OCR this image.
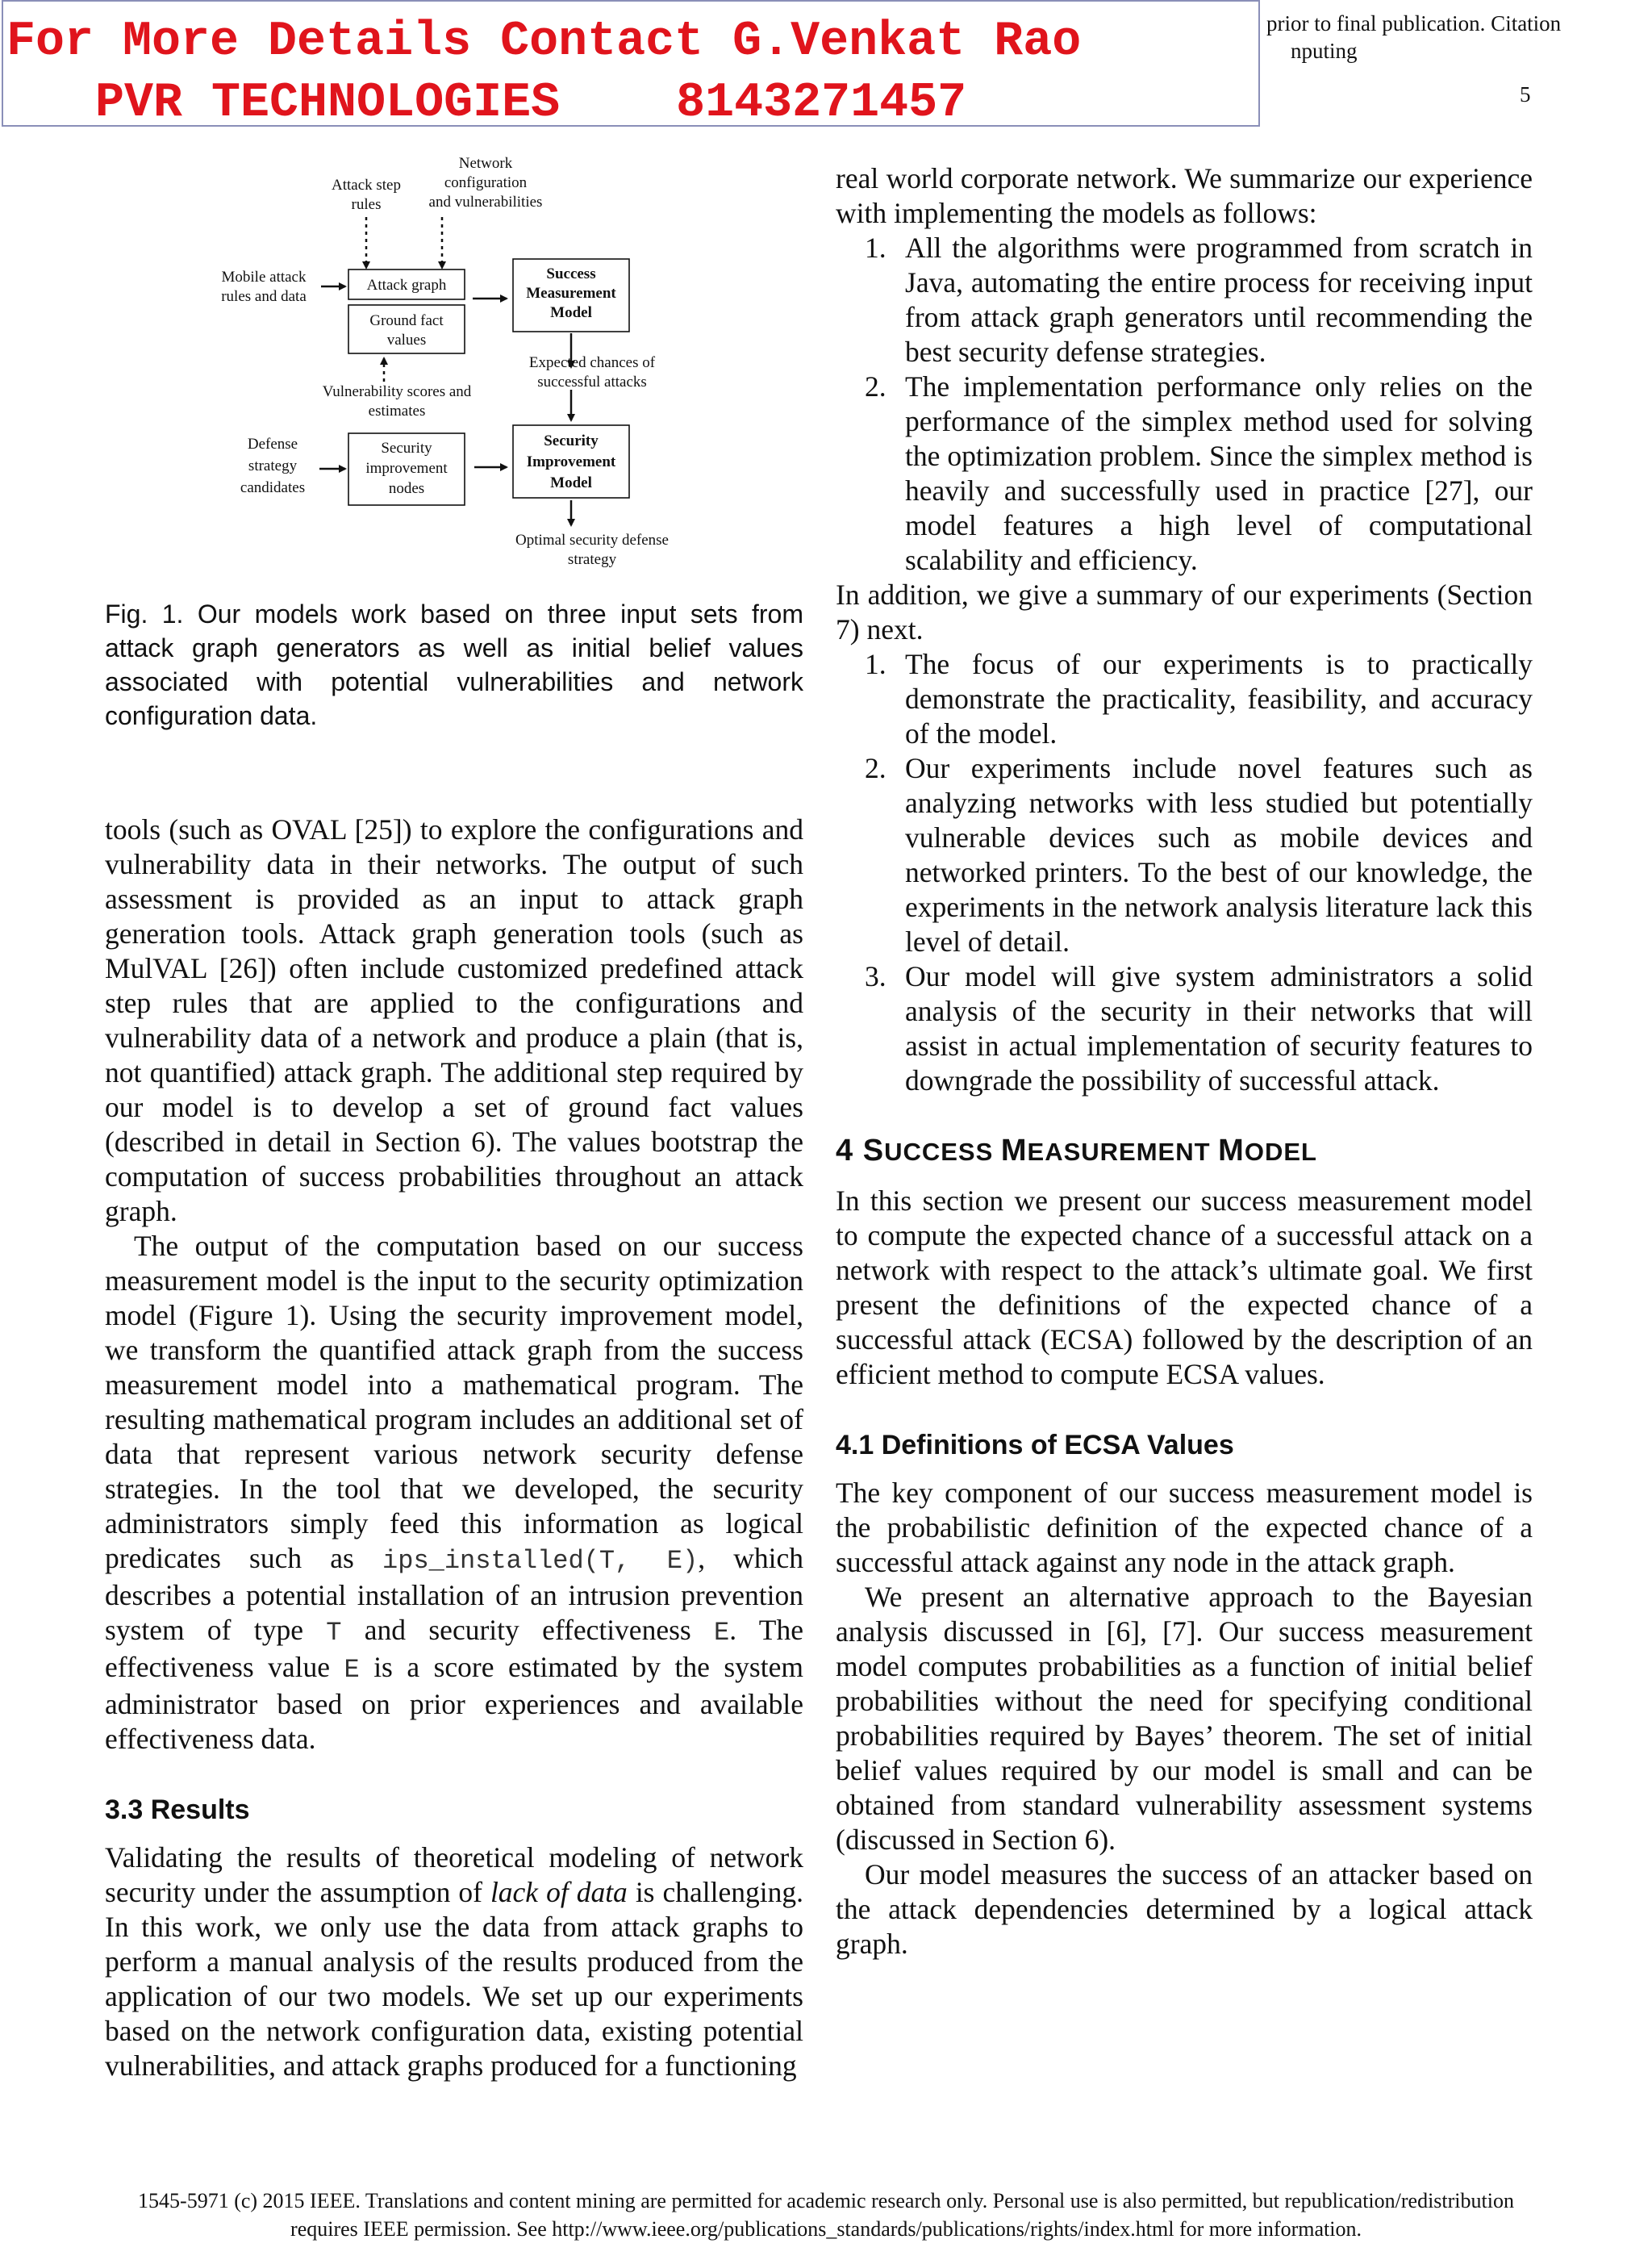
For More Details Contact G.Venkat Rao
PVR TECHNOLOGIES    8143271457
prior to final publication. Citation
nputing
5
Attack step
rules
Network
configuration
and vulnerabilities
Mobile attack
rules and data
Attack graph
Ground fact
values
Success
Measurement
Model
Expected chances of
successful attacks
Vulnerability scores and
estimates
Defense
strategy
candidates
Security
improvement
nodes
Security
Improvement
Model
Optimal security defense
strategy
Fig. 1. Our models work based on three input sets from attack graph generators as well as initial belief values associated with potential vulnerabilities and network configuration data.

tools (such as OVAL [25]) to explore the configurations and vulnerability data in their networks. The output of such assessment is provided as an input to attack graph generation tools. Attack graph generation tools (such as MulVAL [26]) often include customized predefined attack step rules that are applied to the configurations and vulnerability data of a network and produce a plain (that is, not quantified) attack graph. The additional step required by our model is to develop a set of ground fact values (described in detail in Section 6). The values bootstrap the computation of success probabilities throughout an attack graph.

The output of the computation based on our success measurement model is the input to the security optimization model (Figure 1). Using the security improvement model, we transform the quantified attack graph from the success measurement model into a mathematical program. The resulting mathematical program includes an additional set of data that represent various network security defense strategies. In the tool that we developed, the security administrators simply feed this information as logical predicates such as ips_installed(T, E), which describes a potential installation of an intrusion prevention system of type T and security effectiveness E. The effectiveness value E is a score estimated by the system administrator based on prior experiences and available effectiveness data.

3.3 Results

Validating the results of theoretical modeling of network security under the assumption of lack of data is challenging. In this work, we only use the data from attack graphs to perform a manual analysis of the results produced from the application of our two models. We set up our experiments based on the network configuration data, existing potential vulnerabilities, and attack graphs produced for a functioning

real world corporate network. We summarize our experience with implementing the models as follows:

1. All the algorithms were programmed from scratch in Java, automating the entire process for receiving input from attack graph generators until recommending the best security defense strategies.
2. The implementation performance only relies on the performance of the simplex method used for solving the optimization problem. Since the simplex method is heavily and successfully used in practice [27], our model features a high level of computational scalability and efficiency.

In addition, we give a summary of our experiments (Section 7) next.

1. The focus of our experiments is to practically demonstrate the practicality, feasibility, and accuracy of the model.
2. Our experiments include novel features such as analyzing networks with less studied but potentially vulnerable devices such as mobile devices and networked printers. To the best of our knowledge, the experiments in the network analysis literature lack this level of detail.
3. Our model will give system administrators a solid analysis of the security in their networks that will assist in actual implementation of security features to downgrade the possibility of successful attack.
4 SUCCESS MEASUREMENT MODEL

In this section we present our success measurement model to compute the expected chance of a successful attack on a network with respect to the attack’s ultimate goal. We first present the definitions of the expected chance of a successful attack (ECSA) followed by the description of an efficient method to compute ECSA values.

4.1 Definitions of ECSA Values

The key component of our success measurement model is the probabilistic definition of the expected chance of a successful attack against any node in the attack graph.

We present an alternative approach to the Bayesian analysis discussed in [6], [7]. Our success measurement model computes probabilities as a function of initial belief probabilities without the need for specifying conditional probabilities required by Bayes’ theorem. The set of initial belief values required by our model is small and can be obtained from standard vulnerability assessment systems (discussed in Section 6).

Our model measures the success of an attacker based on the attack dependencies determined by a logical attack graph.

1545-5971 (c) 2015 IEEE. Translations and content mining are permitted for academic research only. Personal use is also permitted, but republication/redistribution
requires IEEE permission. See http://www.ieee.org/publications_standards/publications/rights/index.html for more information.
